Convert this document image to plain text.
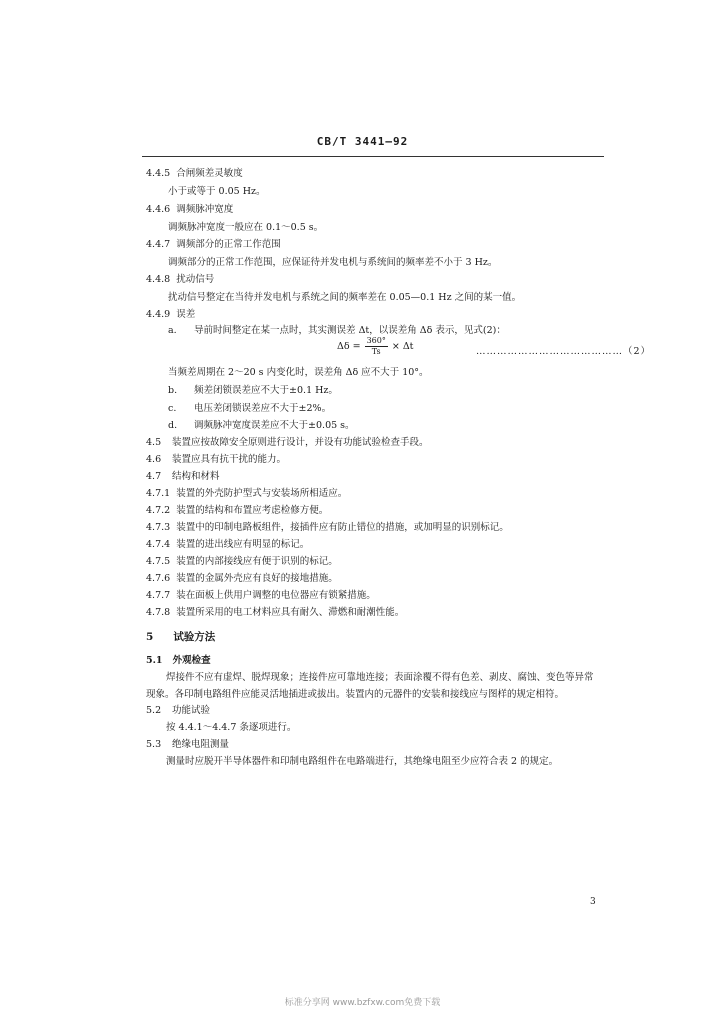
CB/T 3441—92
4.4.5 合闸频差灵敏度
小于或等于 0.05 Hz。
4.4.6 调频脉冲宽度
调频脉冲宽度一般应在 0.1～0.5 s。
4.4.7 调频部分的正常工作范围
调频部分的正常工作范围，应保证待并发电机与系统间的频率差不小于 3 Hz。
4.4.8 扰动信号
扰动信号整定在当待并发电机与系统之间的频率差在 0.05—0.1 Hz 之间的某一值。
4.4.9 误差
a. 导前时间整定在某一点时，其实测误差 Δt，以误差角 Δδ 表示，见式(2)：
$\Delta\delta = \frac{360^\circ}{Ts} \times \Delta t$	……………………………………（2）
当频差周期在 2～20 s 内变化时，误差角 Δδ 应不大于 10°。
b. 频差闭锁误差应不大于±0.1 Hz。
c. 电压差闭锁误差应不大于±2%。
d. 调频脉冲宽度误差应不大于±0.05 s。
4.5 装置应按故障安全原则进行设计，并设有功能试验检查手段。
4.6 装置应具有抗干扰的能力。
4.7 结构和材料
4.7.1 装置的外壳防护型式与安装场所相适应。
4.7.2 装置的结构和布置应考虑检修方便。
4.7.3 装置中的印制电路板组件，接插件应有防止错位的措施，或加明显的识别标记。
4.7.4 装置的进出线应有明显的标记。
4.7.5 装置的内部接线应有便于识别的标记。
4.7.6 装置的金属外壳应有良好的接地措施。
4.7.7 装在面板上供用户调整的电位器应有锁紧措施。
4.7.8 装置所采用的电工材料应具有耐久、滞燃和耐潮性能。
5 试验方法
5.1 外观检查
焊接件不应有虚焊、脱焊现象；连接件应可靠地连接；表面涂覆不得有色差、剥皮、腐蚀、变色等异常
现象。各印制电路组件应能灵活地插进或拔出。装置内的元器件的安装和接线应与图样的规定相符。
5.2 功能试验
按 4.4.1～4.4.7 条逐项进行。
5.3 绝缘电阻测量
测量时应脱开半导体器件和印制电路组件在电路端进行，其绝缘电阻至少应符合表 2 的规定。
3
标准分享网 www.bzfxw.com免费下载
